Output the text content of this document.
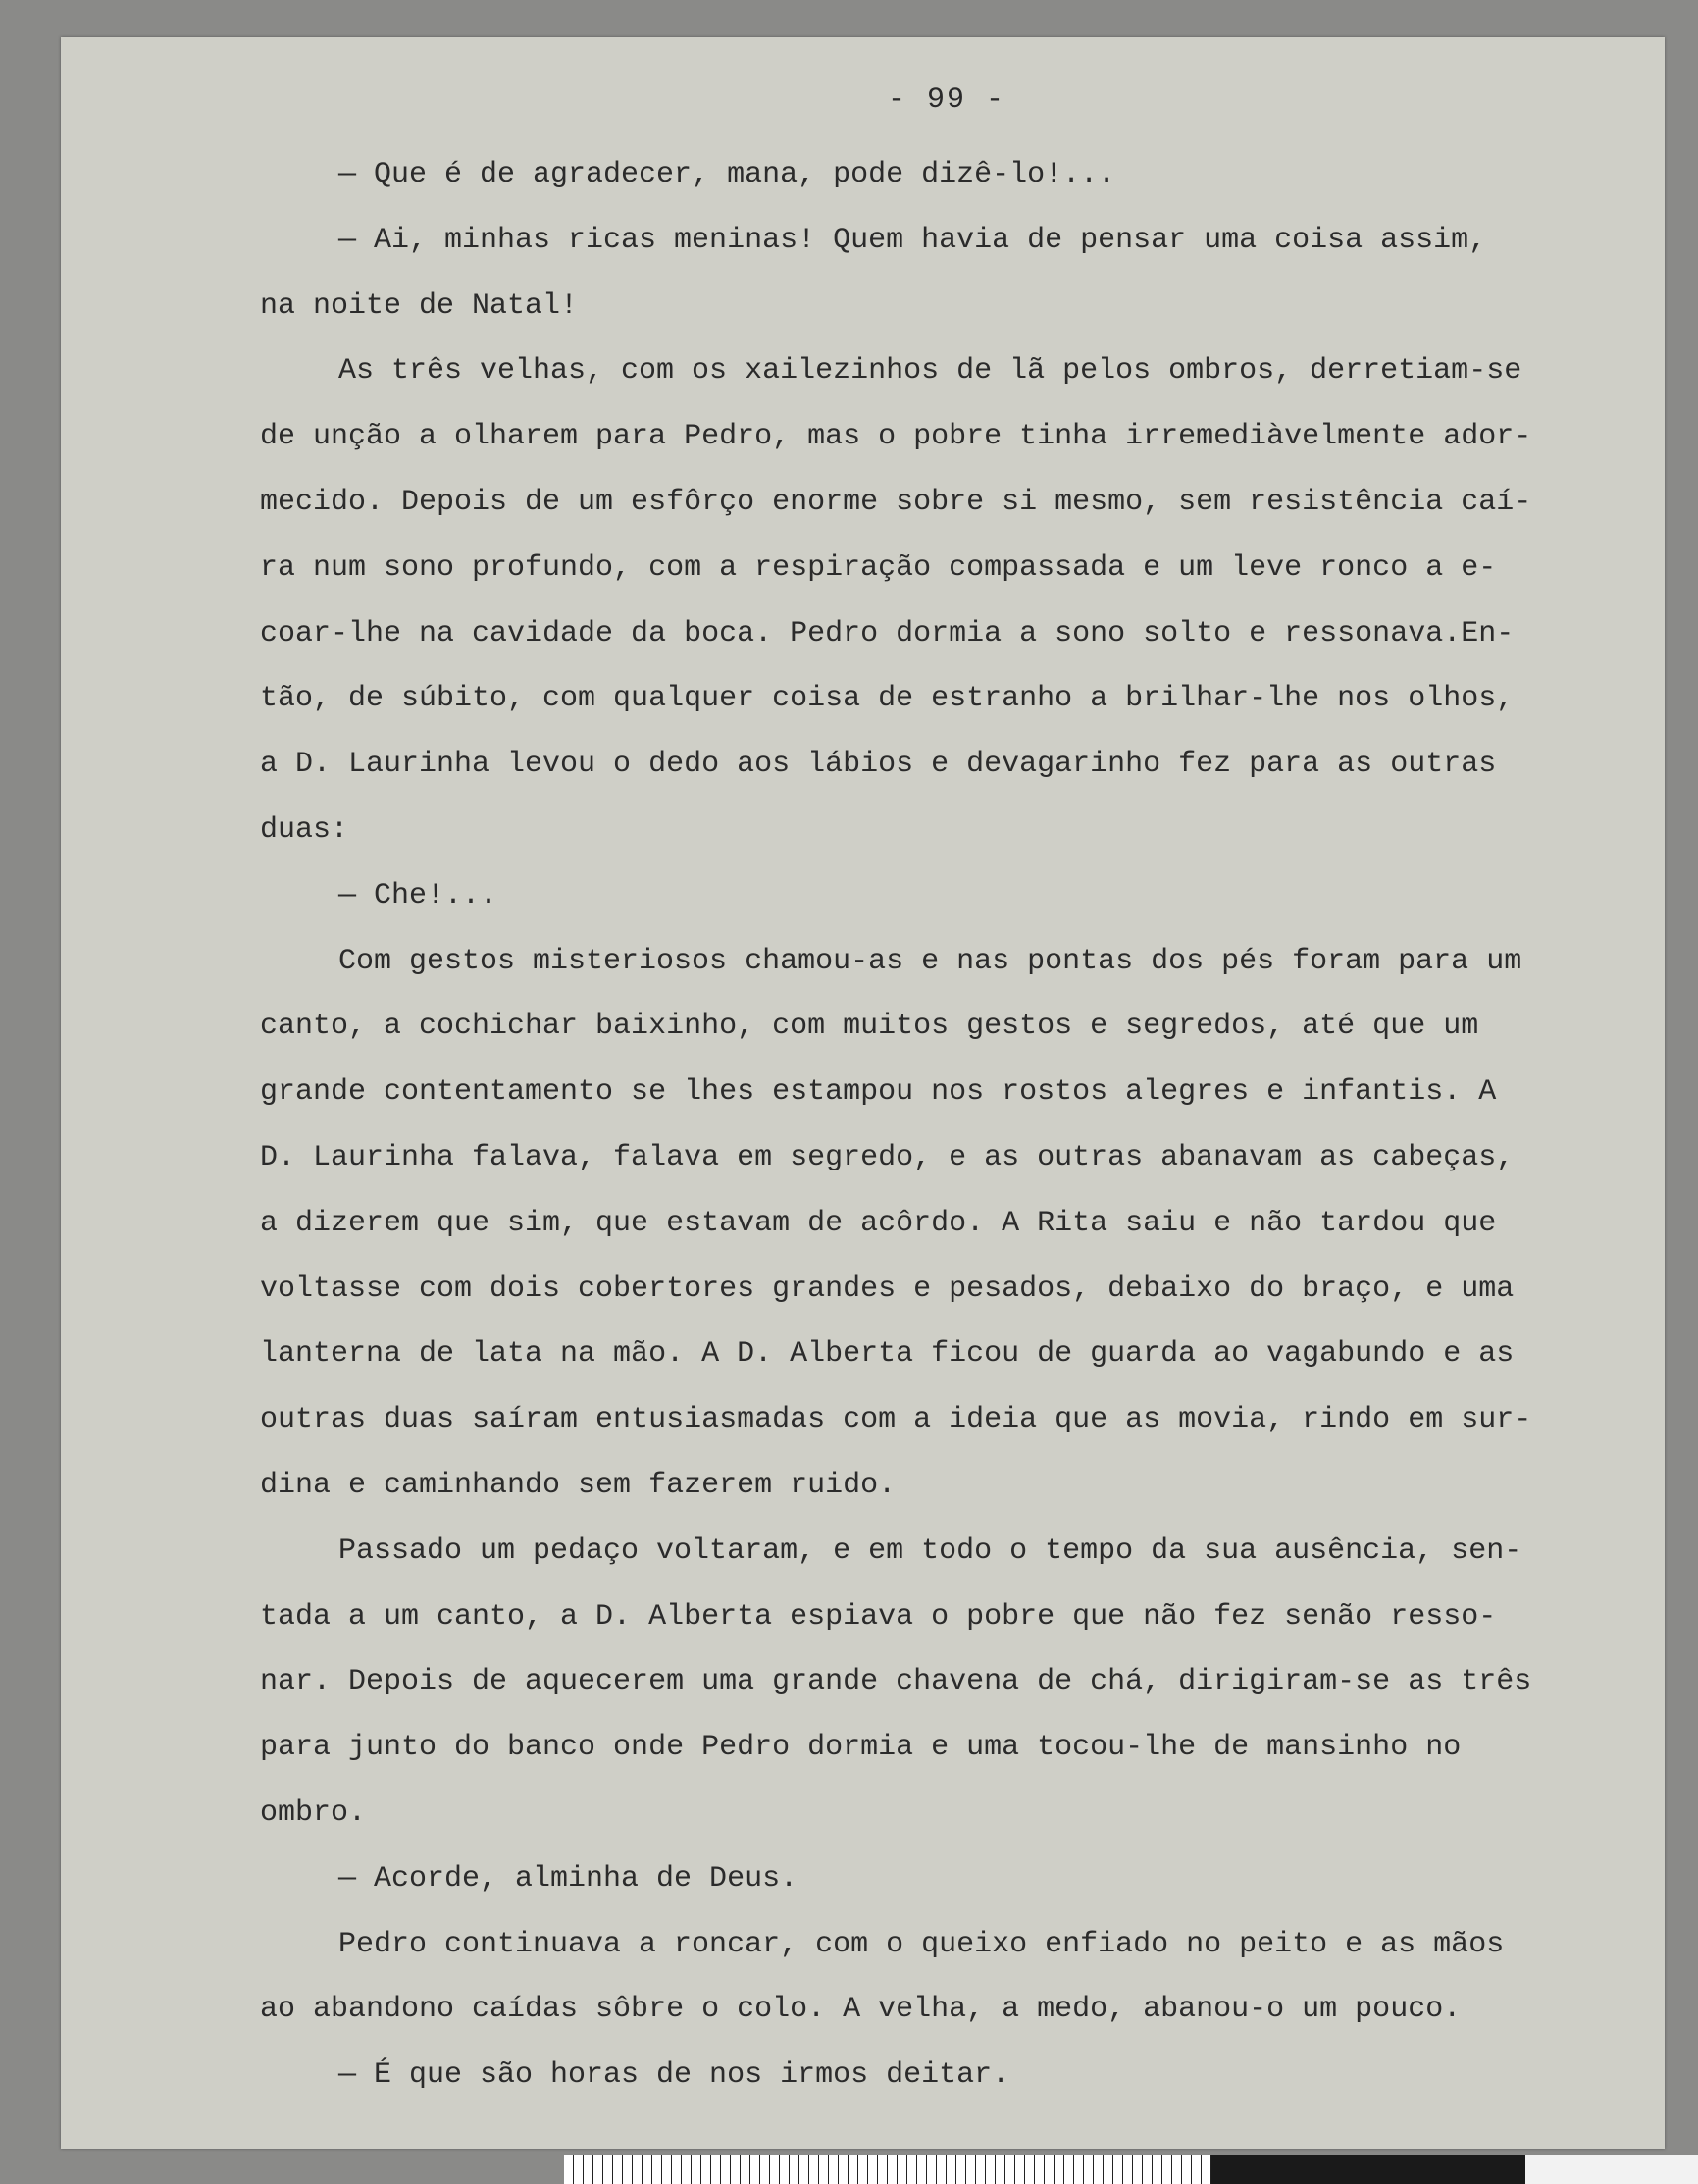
- 99 -
— Que é de agradecer, mana, pode dizê-lo!...
— Ai, minhas ricas meninas! Quem havia de pensar uma coisa assim,
na noite de Natal!
As três velhas, com os xailezinhos de lã pelos ombros, derretiam-se
de unção a olharem para Pedro, mas o pobre tinha irremediàvelmente ador-
mecido. Depois de um esfôrço enorme sobre si mesmo, sem resistência caí-
ra num sono profundo, com a respiração compassada e um leve ronco a e-
coar-lhe na cavidade da boca. Pedro dormia a sono solto e ressonava.En-
tão, de súbito, com qualquer coisa de estranho a brilhar-lhe nos olhos,
a D. Laurinha levou o dedo aos lábios e devagarinho fez para as outras
duas:
— Che!...
Com gestos misteriosos chamou-as e nas pontas dos pés foram para um
canto, a cochichar baixinho, com muitos gestos e segredos, até que um
grande contentamento se lhes estampou nos rostos alegres e infantis. A
D. Laurinha falava, falava em segredo, e as outras abanavam as cabeças,
a dizerem que sim, que estavam de acôrdo. A Rita saiu e não tardou que
voltasse com dois cobertores grandes e pesados, debaixo do braço, e uma
lanterna de lata na mão. A D. Alberta ficou de guarda ao vagabundo e as
outras duas saíram entusiasmadas com a ideia que as movia, rindo em sur-
dina e caminhando sem fazerem ruido.
Passado um pedaço voltaram, e em todo o tempo da sua ausência, sen-
tada a um canto, a D. Alberta espiava o pobre que não fez senão resso-
nar. Depois de aquecerem uma grande chavena de chá, dirigiram-se as três
para junto do banco onde Pedro dormia e uma tocou-lhe de mansinho no
ombro.
— Acorde, alminha de Deus.
Pedro continuava a roncar, com o queixo enfiado no peito e as mãos
ao abandono caídas sôbre o colo. A velha, a medo, abanou-o um pouco.
— É que são horas de nos irmos deitar.
